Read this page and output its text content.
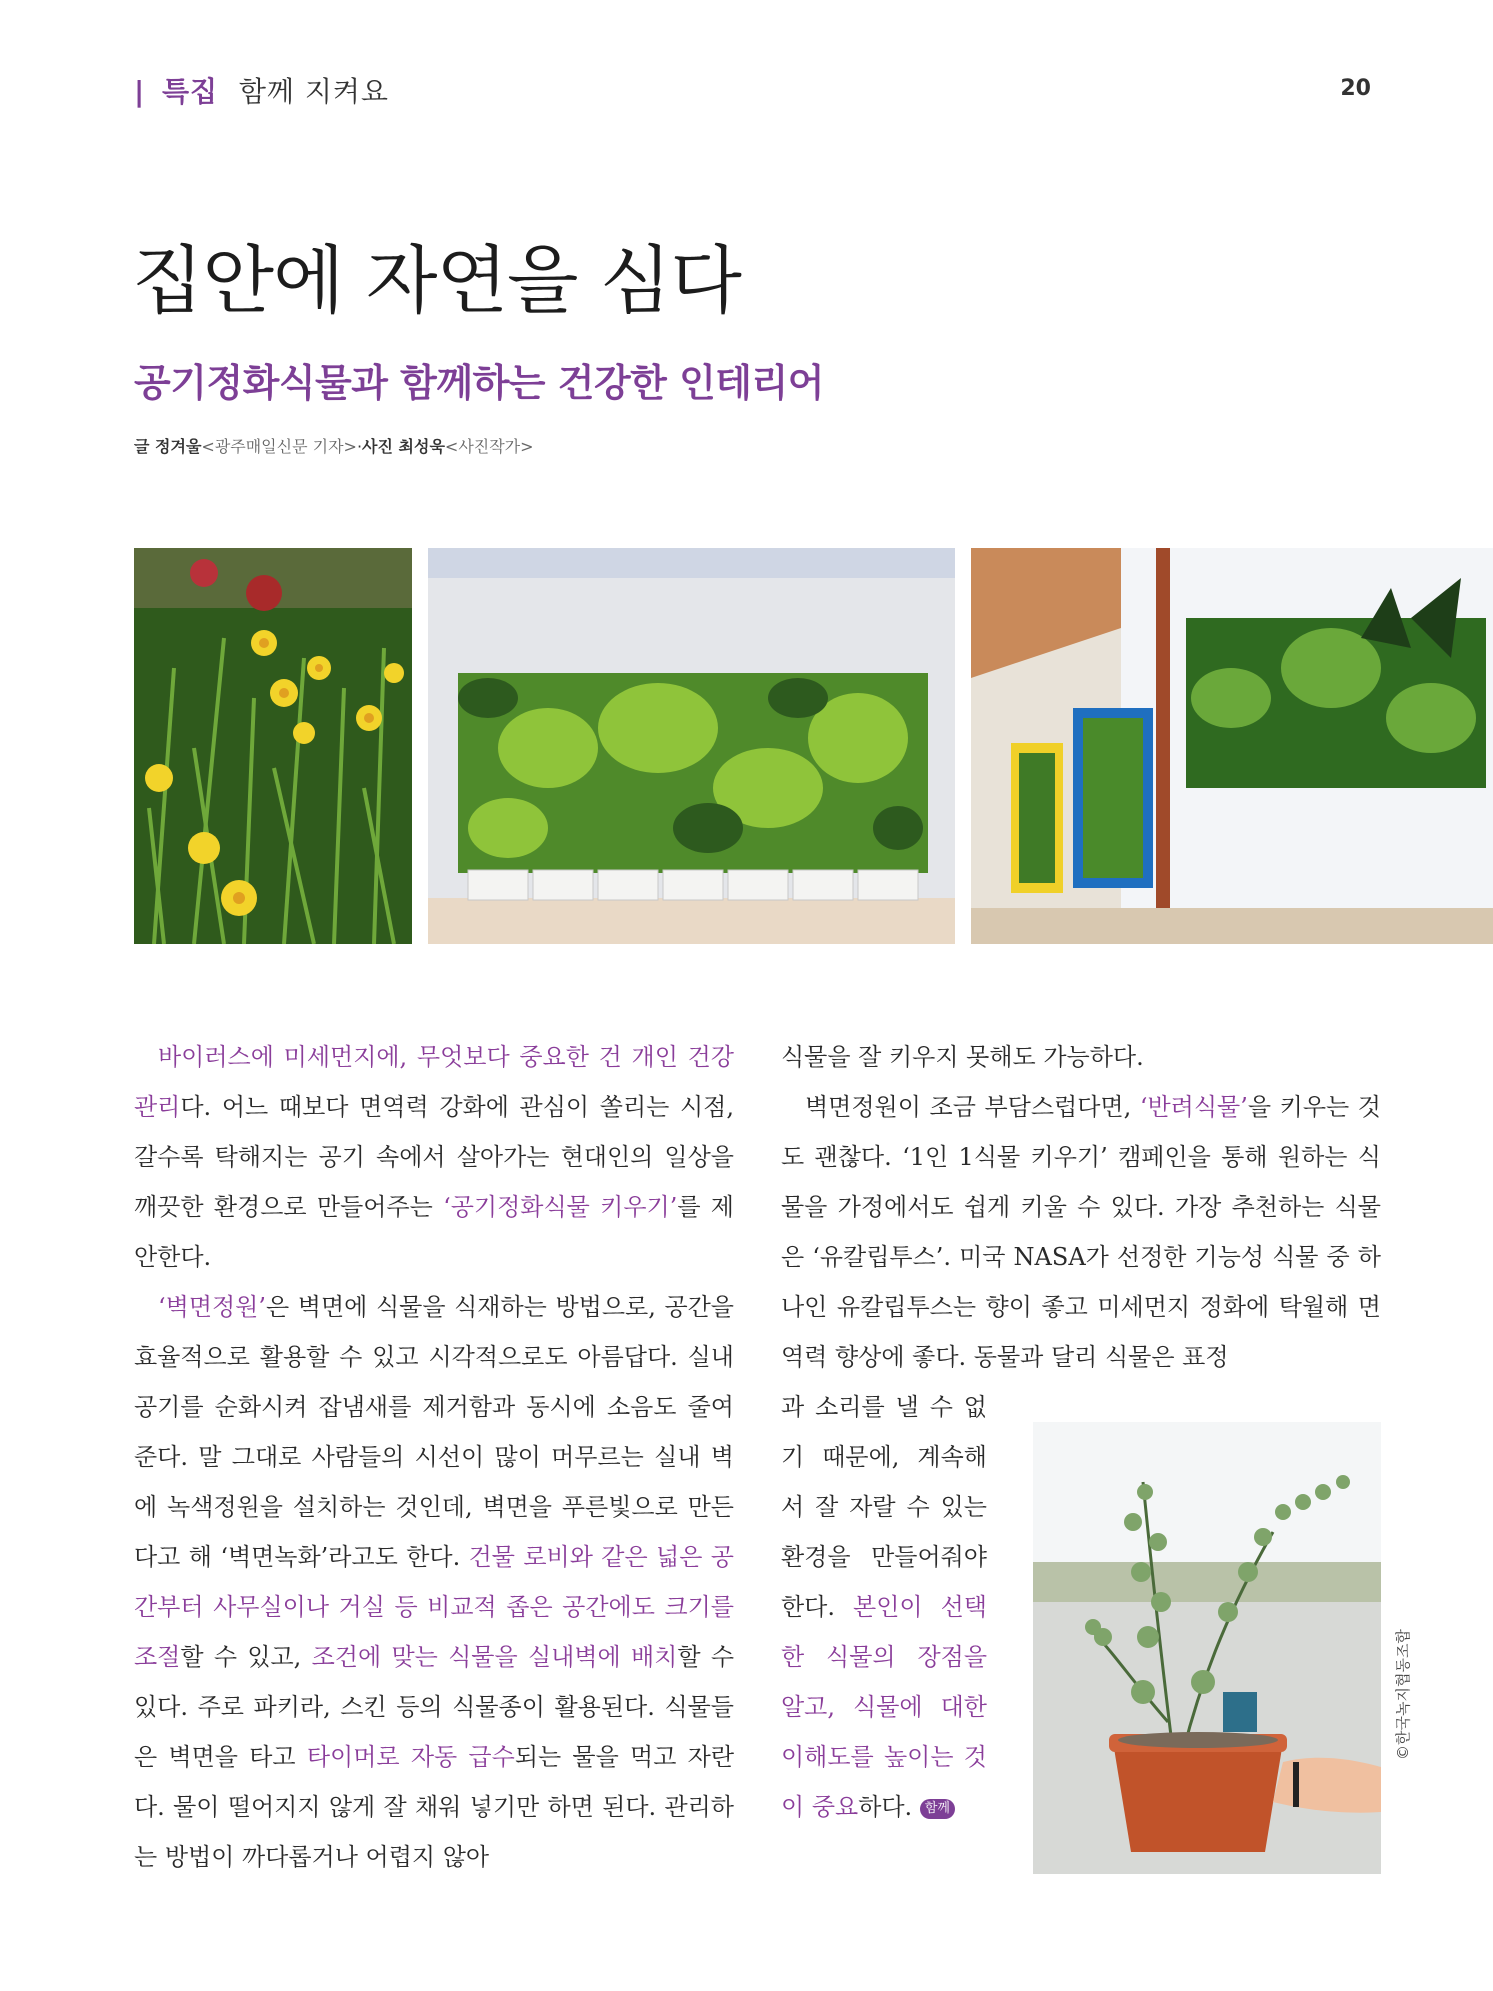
| 특집 함께 지켜요	20
집안에 자연을 심다
공기정화식물과 함께하는 건강한 인테리어
글 정겨울<광주매일신문 기자>·사진 최성욱<사진작가>
©한국녹지협동조합

바이러스에 미세먼지에, 무엇보다 중요한 건 개인 건강관리다. 어느 때보다 면역력 강화에 관심이 쏠리는 시점, 갈수록 탁해지는 공기 속에서 살아가는 현대인의 일상을 깨끗한 환경으로 만들어주는 ‘공기정화식물 키우기’를 제안한다.

‘벽면정원’은 벽면에 식물을 식재하는 방법으로, 공간을 효율적으로 활용할 수 있고 시각적으로도 아름답다. 실내공기를 순화시켜 잡냄새를 제거함과 동시에 소음도 줄여준다. 말 그대로 사람들의 시선이 많이 머무르는 실내 벽에 녹색정원을 설치하는 것인데, 벽면을 푸른빛으로 만든다고 해 ‘벽면녹화’라고도 한다. 건물 로비와 같은 넓은 공간부터 사무실이나 거실 등 비교적 좁은 공간에도 크기를 조절할 수 있고, 조건에 맞는 식물을 실내벽에 배치할 수 있다. 주로 파키라, 스킨 등의 식물종이 활용된다. 식물들은 벽면을 타고 타이머로 자동 급수되는 물을 먹고 자란다. 물이 떨어지지 않게 잘 채워 넣기만 하면 된다. 관리하는 방법이 까다롭거나 어렵지 않아

식물을 잘 키우지 못해도 가능하다.

벽면정원이 조금 부담스럽다면, ‘반려식물’을 키우는 것도 괜찮다. ‘1인 1식물 키우기’ 캠페인을 통해 원하는 식물을 가정에서도 쉽게 키울 수 있다. 가장 추천하는 식물은 ‘유칼립투스’. 미국 NASA가 선정한 기능성 식물 중 하나인 유칼립투스는 향이 좋고 미세먼지 정화에 탁월해 면역력 향상에 좋다. 동물과 달리 식물은 표정

과 소리를 낼 수 없기 때문에, 계속해서 잘 자랄 수 있는 환경을 만들어줘야 한다. 본인이 선택한 식물의 장점을 알고, 식물에 대한 이해도를 높이는 것이 중요하다. 함께
